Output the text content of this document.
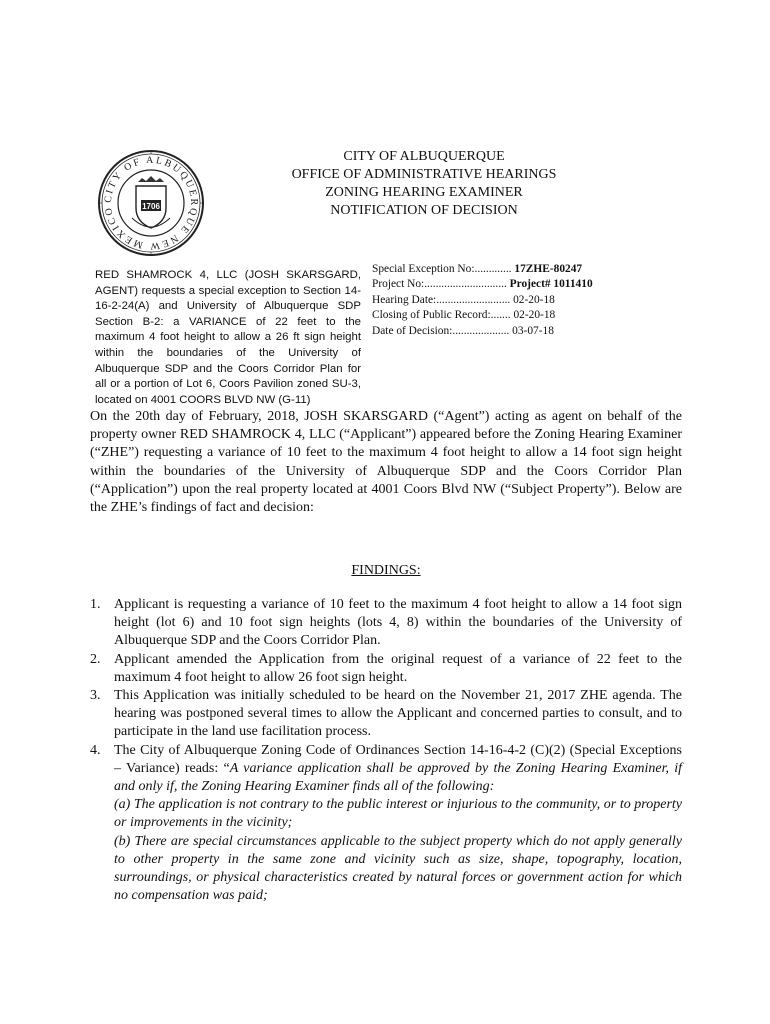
CITY OF ALBUQUERQUE NEW MEXICO	1706
CITY OF ALBUQUERQUE
OFFICE OF ADMINISTRATIVE HEARINGS
ZONING HEARING EXAMINER
NOTIFICATION OF DECISION
RED SHAMROCK 4, LLC (JOSH SKARSGARD, AGENT) requests a special exception to Section 14-16-2-24(A) and University of Albuquerque SDP Section B-2: a VARIANCE of 22 feet to the maximum 4 foot height to allow a 26 ft sign height within the boundaries of the University of Albuquerque SDP and the Coors Corridor Plan for all or a portion of Lot 6, Coors Pavilion zoned SU-3, located on 4001 COORS BLVD NW (G-11)
Special Exception No:............. 17ZHE-80247
Project No:............................. Project# 1011410
Hearing Date:.......................... 02-20-18
Closing of Public Record:....... 02-20-18
Date of Decision:.................... 03-07-18
On the 20th day of February, 2018, JOSH SKARSGARD (“Agent”) acting as agent on behalf of the property owner RED SHAMROCK 4, LLC (“Applicant”) appeared before the Zoning Hearing Examiner (“ZHE”) requesting a variance of 10 feet to the maximum 4 foot height to allow a 14 foot sign height within the boundaries of the University of Albuquerque SDP and the Coors Corridor Plan (“Application”) upon the real property located at 4001 Coors Blvd NW (“Subject Property”). Below are the ZHE’s findings of fact and decision:
FINDINGS:
1. Applicant is requesting a variance of 10 feet to the maximum 4 foot height to allow a 14 foot sign height (lot 6) and 10 foot sign heights (lots 4, 8) within the boundaries of the University of Albuquerque SDP and the Coors Corridor Plan.
2. Applicant amended the Application from the original request of a variance of 22 feet to the maximum 4 foot height to allow 26 foot sign height.
3. This Application was initially scheduled to be heard on the November 21, 2017 ZHE agenda. The hearing was postponed several times to allow the Applicant and concerned parties to consult, and to participate in the land use facilitation process.
4. The City of Albuquerque Zoning Code of Ordinances Section 14-16-4-2 (C)(2) (Special Exceptions – Variance) reads: “A variance application shall be approved by the Zoning Hearing Examiner, if and only if, the Zoning Hearing Examiner finds all of the following:
(a) The application is not contrary to the public interest or injurious to the community, or to property or improvements in the vicinity;
(b) There are special circumstances applicable to the subject property which do not apply generally to other property in the same zone and vicinity such as size, shape, topography, location, surroundings, or physical characteristics created by natural forces or government action for which no compensation was paid;
